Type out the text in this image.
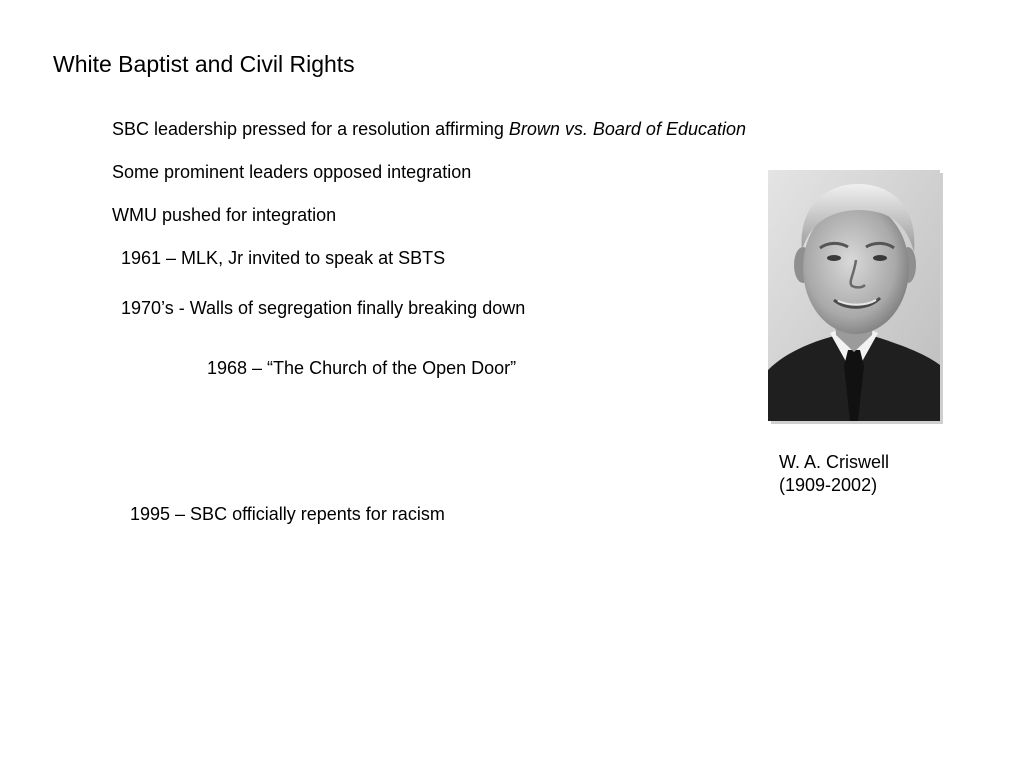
White Baptist and Civil Rights
SBC leadership pressed for a resolution affirming Brown vs. Board of Education
Some prominent leaders opposed integration
WMU pushed for integration
1961 – MLK, Jr invited to speak at SBTS
1970’s - Walls of segregation finally breaking down
1968 – “The Church of the Open Door”
1995 – SBC officially repents for racism
W. A. Criswell
(1909-2002)
